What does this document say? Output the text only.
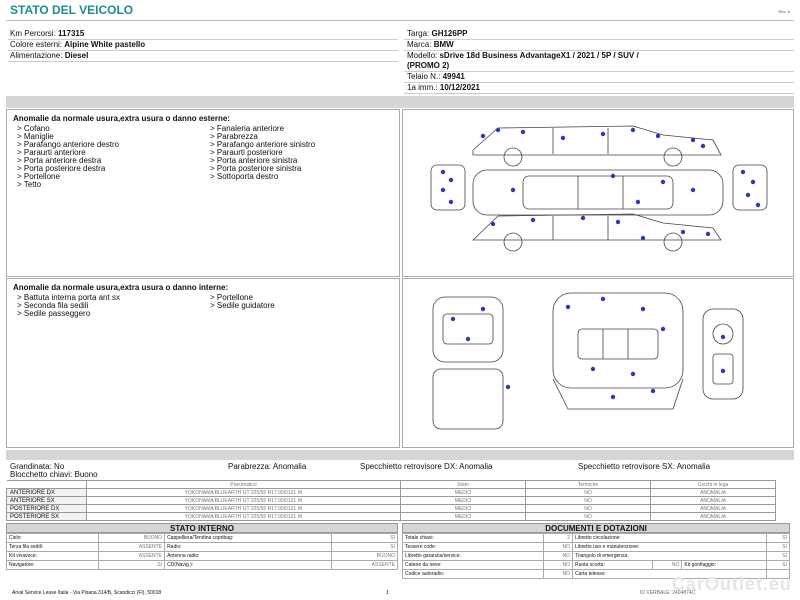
STATO DEL VEICOLO	Rev. A
Km Percorsi: 117315
Colore esterni: Alpine White pastello
Alimentazione: Diesel
Targa: GH126PP
Marca: BMW
Modello: sDrive 18d Business AdvantageX1 / 2021 / 5P / SUV /
(PROMO 2)
Telaio N.: 49941
1a imm.: 10/12/2021
Anomalie da normale usura,extra usura o danno esterne:
> Cofano
> Maniglie
> Parafango anteriore destro
> Paraurti anteriore
> Porta anteriore destra
> Porta posteriore destra
> Portellone
> Tetto
> Fanaleria anteriore
> Parabrezza
> Parafango anteriore sinistro
> Paraurti posteriore
> Porta anteriore sinistra
> Porta posteriore sinistra
> Sottoporta destro
Anomalie da normale usura,extra usura o danno interne:
> Battuta interna porta ant sx
> Seconda fila sedili
> Sedile passeggero
> Portellone
> Sedile guidatore
Grandinata: No
Blocchetto chiavi: Buono
Parabrezza: Anomalia	Specchietto retrovisore DX: Anomalia	Specchietto retrovisore SX: Anomalia
	Pneumatico	Stato	Termiche	Cerchi in lega
ANTERIORE DX	YOKOHAMA BLUEARTH GT 225/55 R17 000/101 W	MEDIO	NO	ANOMALIA
ANTERIORE SX	YOKOHAMA BLUEARTH GT 225/55 R17 000/101 W	MEDIO	NO	ANOMALIA
POSTERIORE DX	YOKOHAMA BLUEARTH GT 225/55 R17 000/101 W	MEDIO	NO	ANOMALIA
POSTERIORE SX	YOKOHAMA BLUEARTH GT 225/55 R17 000/101 W	MEDIO	NO	ANOMALIA
STATO INTERNO
Cielo:	BUONO	Cappelliera/Tendina copribag:	SI
Terza fila sedili:	ASSENTE	Radio:	SI
Kit vivavoce:	ASSENTE	Antenna radio:	BUONO
Navigatore:	SI	CD(Navig.):	ASSENTE
DOCUMENTI E DOTAZIONI
Totale chiavi:	2	Libretto circolazione:			SI
Tessere code:	NO	Libretto uso e manutenzione:			SI
Libretto garanzia/service:	NO	Triangolo di emergenza:			SI
Catene da neve:	NO	Ruota scorta:	NO	Kit gonfiaggio:	SI
Codice autoradio:	NO	Carta telesso:			
Arval Service Lease Italia - Via Pisana 314/B, Scandicci (FI), 50018	1	ID VERBALE: 2404874C
CarOutlet.eu
